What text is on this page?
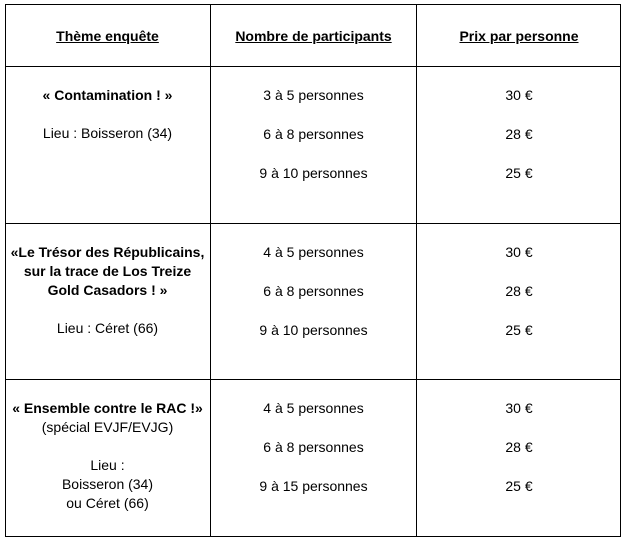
Thème enquête	Nombre de participants	Prix par personne
« Contamination ! »
Lieu : Boisseron (34)
3 à 5 personnes
6 à 8 personnes
9 à 10 personnes
30 €
28 €
25 €
«Le Trésor des Républicains,
sur la trace de Los Treize
Gold Casadors ! »
Lieu : Céret (66)
4 à 5 personnes
6 à 8 personnes
9 à 10 personnes
30 €
28 €
25 €
« Ensemble contre le RAC !»
(spécial EVJF/EVJG)
Lieu :
Boisseron (34)
ou Céret (66)
4 à 5 personnes
6 à 8 personnes
9 à 15 personnes
30 €
28 €
25 €
